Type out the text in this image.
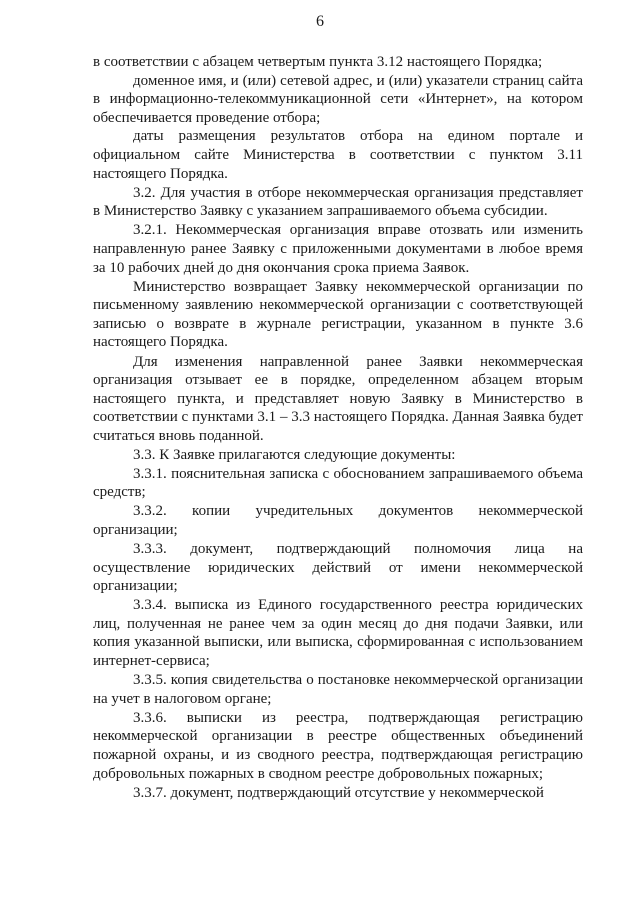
6

в соответствии с абзацем четвертым пункта 3.12 настоящего Порядка;

доменное имя, и (или) сетевой адрес, и (или) указатели страниц сайта в информационно-телекоммуникационной сети «Интернет», на котором обеспечивается проведение отбора;

даты размещения результатов отбора на едином портале и официальном сайте Министерства в соответствии с пунктом 3.11 настоящего Порядка.

3.2. Для участия в отборе некоммерческая организация представляет в Министерство Заявку с указанием запрашиваемого объема субсидии.

3.2.1. Некоммерческая организация вправе отозвать или изменить направленную ранее Заявку с приложенными документами в любое время за 10 рабочих дней до дня окончания срока приема Заявок.

Министерство возвращает Заявку некоммерческой организации по письменному заявлению некоммерческой организации с соответствующей записью о возврате в журнале регистрации, указанном в пункте 3.6 настоящего Порядка.

Для изменения направленной ранее Заявки некоммерческая организация отзывает ее в порядке, определенном абзацем вторым настоящего пункта, и представляет новую Заявку в Министерство в соответствии с пунктами 3.1 – 3.3 настоящего Порядка. Данная Заявка будет считаться вновь поданной.

3.3. К Заявке прилагаются следующие документы:

3.3.1. пояснительная записка с обоснованием запрашиваемого объема средств;

3.3.2. копии учредительных документов некоммерческой организации;

3.3.3. документ, подтверждающий полномочия лица на осуществление юридических действий от имени некоммерческой организации;

3.3.4. выписка из Единого государственного реестра юридических лиц, полученная не ранее чем за один месяц до дня подачи Заявки, или копия указанной выписки, или выписка, сформированная с использованием интернет-сервиса;

3.3.5. копия свидетельства о постановке некоммерческой организации на учет в налоговом органе;

3.3.6. выписки из реестра, подтверждающая регистрацию некоммерческой организации в реестре общественных объединений пожарной охраны, и из сводного реестра, подтверждающая регистрацию добровольных пожарных в сводном реестре добровольных пожарных;

3.3.7. документ, подтверждающий отсутствие у некоммерческой
